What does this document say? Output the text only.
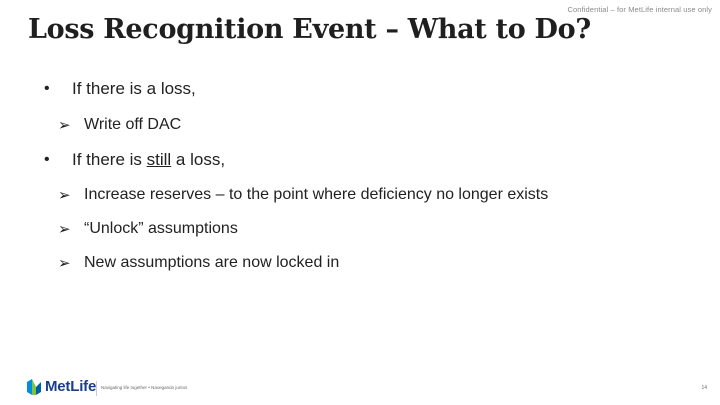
Confidential – for MetLife internal use only
Loss Recognition Event – What to Do?
•	If there is a loss,
➢ Write off DAC
•	If there is still a loss,
➢ Increase reserves – to the point where deficiency no longer exists
➢ “Unlock” assumptions
➢ New assumptions are now locked in
MetLife Navigating life together • Navegando juntos	14
